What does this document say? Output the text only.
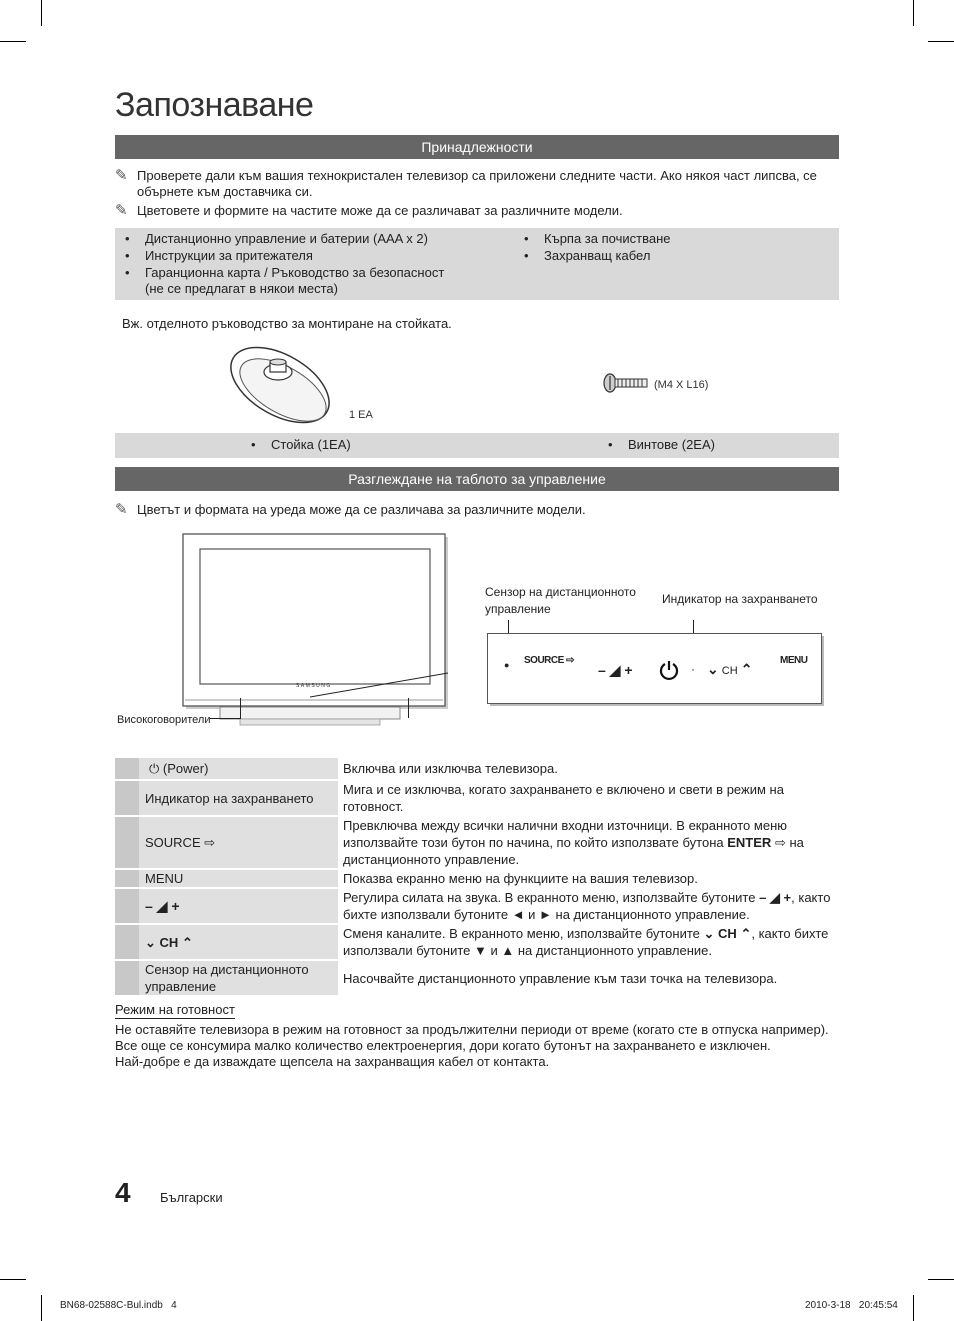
Запознаване
Принадлежности
✎ Проверете дали към вашия технокристален телевизор са приложени следните части. Ако някоя част липсва, се обърнете към доставчика си.
✎ Цветовете и формите на частите може да се различават за различните модели.
• Дистанционно управление и батерии (AAA x 2)
• Инструкции за притежателя
• Гаранционна карта / Ръководство за безопасност
(не се предлагат в някои места)
• Кърпа за почистване
• Захранващ кабел
Вж. отделното ръководство за монтиране на стойката.
1 EA
(M4 X L16)
• Стойка (1EA)	• Винтове (2EA)
Разглеждане на таблото за управление
✎ Цветът и формата на уреда може да се различава за различните модели.
SAMSUNG
Високоговорители
Сензор на дистанционното управление
Индикатор на захранването
● SOURCE ⇨
– ◢ +	· ⌄ CH ⌃
MENU
	⏻ (Power)	Включва или изключва телевизора.
	Индикатор на захранването	Мига и се изключва, когато захранването е включено и свети в режим на готовност.
	SOURCE ⇨	Превключва между всички налични входни източници. В екранното меню използвайте този бутон по начина, по който използвате бутона ENTER ⇨ на дистанционното управление.
	MENU	Показва екранно меню на функциите на вашия телевизор.
	– ◢ +	Регулира силата на звука. В екранното меню, използвайте бутоните – ◢ +, както бихте използвали бутоните ◄ и ► на дистанционното управление.
	⌄ CH ⌃	Сменя каналите. В екранното меню, използвайте бутоните ⌄ CH ⌃, както бихте използвали бутоните ▼ и ▲ на дистанционното управление.
	Сензор на дистанционното управление	Насочвайте дистанционното управление към тази точка на телевизора.
Режим на готовност
Не оставяйте телевизора в режим на готовност за продължителни периоди от време (когато сте в отпуска например).
Все още се консумира малко количество електроенергия, дори когато бутонът на захранването е изключен.
Най-добре е да изваждате щепсела на захранващия кабел от контакта.
4 Български
BN68-02588C-Bul.indb   4	2010-3-18   20:45:54
